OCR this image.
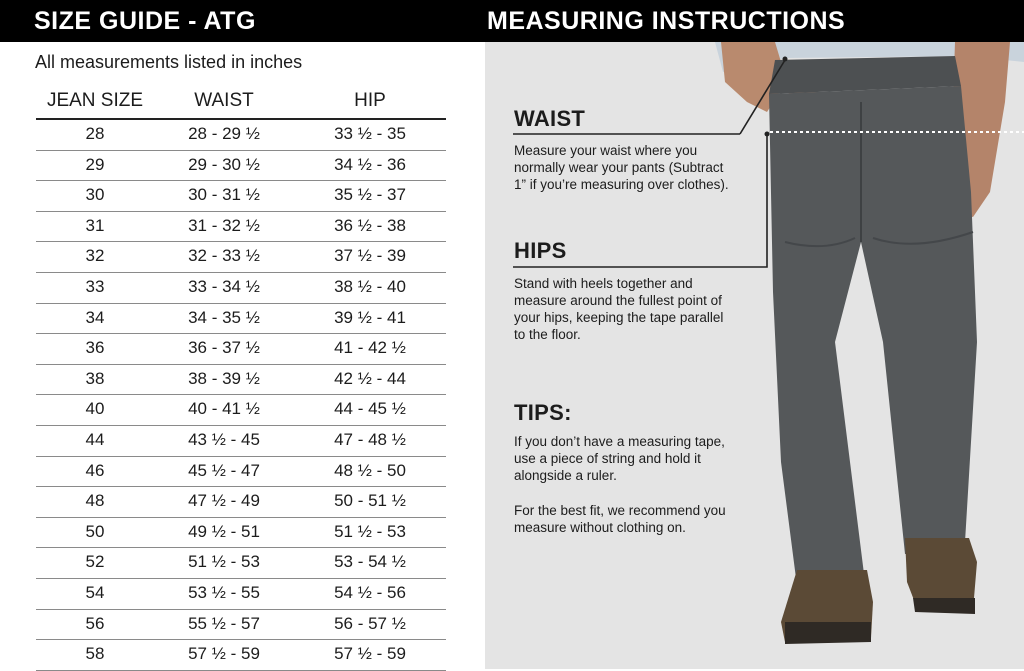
SIZE GUIDE - ATG	MEASURING INSTRUCTIONS
All measurements listed in inches
JEAN SIZE	WAIST	HIP
28	28 - 29 ½	33 ½ - 35
29	29 - 30 ½	34 ½ - 36
30	30 - 31 ½	35 ½ - 37
31	31 - 32 ½	36 ½ - 38
32	32 - 33 ½	37 ½ - 39
33	33 - 34 ½	38 ½ - 40
34	34 - 35 ½	39 ½ - 41
36	36 - 37 ½	41 - 42 ½
38	38 - 39 ½	42 ½ - 44
40	40 - 41 ½	44 - 45 ½
44	43 ½ - 45	47 - 48 ½
46	45 ½ - 47	48 ½ - 50
48	47 ½ - 49	50 - 51 ½
50	49 ½ - 51	51 ½ - 53
52	51 ½ - 53	53 - 54 ½
54	53 ½ - 55	54 ½ - 56
56	55 ½ - 57	56 - 57 ½
58	57 ½ - 59	57 ½ - 59
WAIST
Measure your waist where you normally wear your pants (Subtract 1” if you’re measuring over clothes).
HIPS
Stand with heels together and measure around the fullest point of your hips, keeping the tape parallel to the floor.
TIPS:
If you don’t have a measuring tape, use a piece of string and hold it alongside a ruler.
For the best fit, we recommend you measure without clothing on.
